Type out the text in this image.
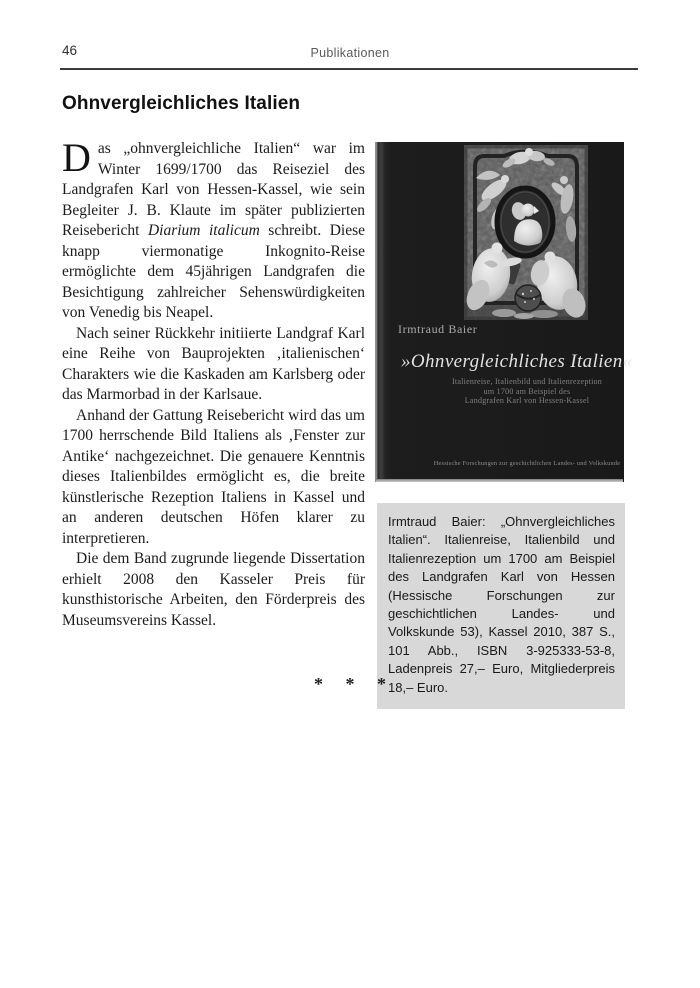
46	Publikationen
Ohnvergleichliches Italien

Das „ohnvergleichliche Italien“ war im Winter 1699/1700 das Reiseziel des Landgrafen Karl von Hessen-Kassel, wie sein Begleiter J. B. Klaute im später publizierten Reisebericht Diarium italicum schreibt. Diese knapp viermonatige Inkognito-Reise ermöglichte dem 45jährigen Landgrafen die Besichtigung zahlreicher Sehenswürdigkeiten von Venedig bis Neapel.

Nach seiner Rückkehr initiierte Landgraf Karl eine Reihe von Bauprojekten ‚italienischen‘ Charakters wie die Kaskaden am Karlsberg oder das Marmorbad in der Karlsaue.

Anhand der Gattung Reisebericht wird das um 1700 herrschende Bild Italiens als ‚Fenster zur Antike‘ nachgezeichnet. Die genauere Kenntnis dieses Italienbildes ermöglicht es, die breite künstlerische Rezeption Italiens in Kassel und an anderen deutschen Höfen klarer zu interpretieren.

Die dem Band zugrunde liegende Dissertation erhielt 2008 den Kasseler Preis für kunsthistorische Arbeiten, den Förderpreis des Museumsvereins Kassel.

Irmtraud Baier
»Ohnvergleichliches Italien«
Italienreise, Italienbild und Italienrezeption
um 1700 am Beispiel des
Landgrafen Karl von Hessen-Kassel
Hessische Forschungen zur geschichtlichen Landes- und Volkskunde
Irmtraud Baier: „Ohnvergleichliches Italien“. Italienreise, Italienbild und Italienrezeption um 1700 am Beispiel des Landgrafen Karl von Hessen (Hessische Forschungen zur geschichtlichen Landes- und Volkskunde 53), Kassel 2010, 387 S., 101 Abb., ISBN 3-925333-53-8, Ladenpreis 27,– Euro, Mitgliederpreis 18,– Euro.
* * *
